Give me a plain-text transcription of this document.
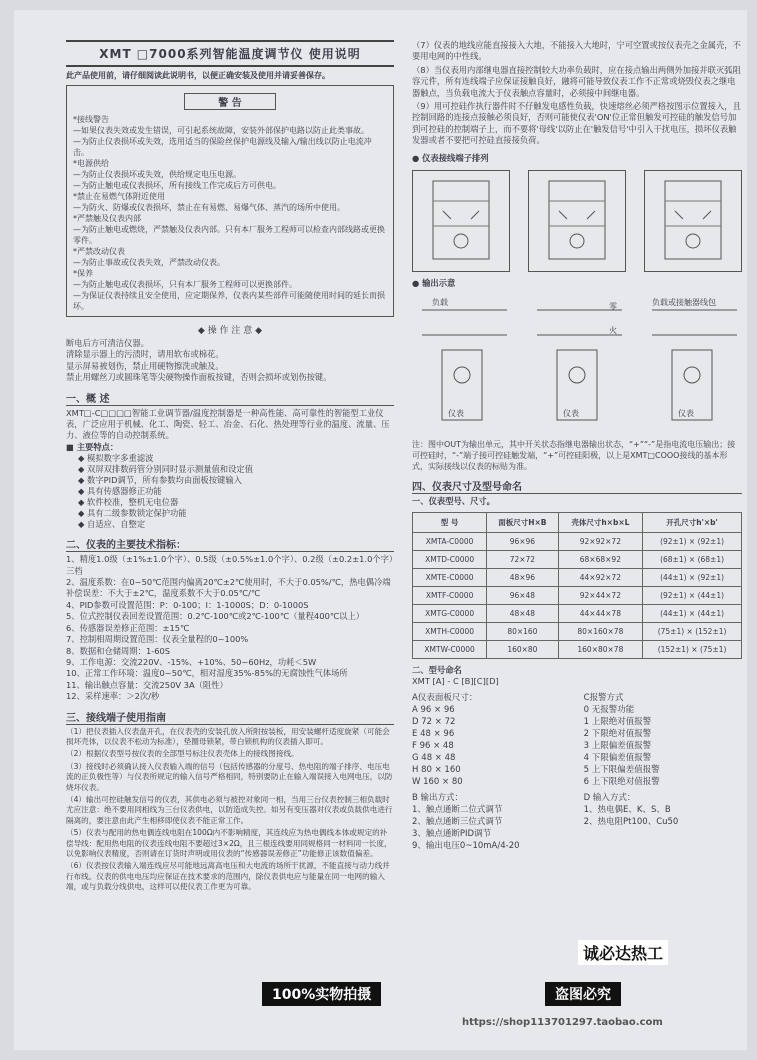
XMT □7000系列智能温度调节仪 使用说明
此产品使用前，请仔细阅读此说明书，以便正确安装及使用并请妥善保存。
警 告
*接线警告
—如果仪表失效或发生错误，可引起系统故障，安装外部保护电路以防止此类事故。
—为防止仪表损坏或失效，选用适当的保险丝保护电源线及输入/输出线以防止电流冲击。
*电源供给
—为防止仪表损坏或失效，供给规定电压电源。
—为防止触电或仪表损坏，所有接线工作完成后方可供电。
*禁止在易燃气体附近使用
—为防火、防爆或仪表损坏，禁止在有易燃、易爆气体、蒸汽的场所中使用。
*严禁触及仪表内部
—为防止触电或燃烧，严禁触及仪表内部。只有本厂服务工程师可以检查内部线路或更换零件。
*严禁改动仪表
—为防止事故或仪表失效，严禁改动仪表。
*保养
—为防止触电或仪表损坏，只有本厂服务工程师可以更换部件。
—为保证仪表持续且安全使用，应定期保养，仪表内某些部件可能随使用时间的延长而损坏。
◆ 操 作 注 意 ◆
断电后方可清洁仪器。
清除显示器上的污渍时，请用软布或棉花。
显示屏易被划伤，禁止用硬物擦洗或触及。
禁止用螺丝刀或圆珠笔等尖硬物操作面板按键，否则会损坏或划伤按键。
一、概 述
XMT□-C□□□□智能工业调节器/温度控制器是一种高性能、高可靠性的智能型工业仪表，广泛应用于机械、化工、陶瓷、轻工、冶金、石化、热处理等行业的温度、流量、压力、液位等的自动控制系统。
■ 主要特点：
◆ 模拟数字多重滤波
◆ 双屏双排数码管分别同时显示测量值和设定值
◆ 数字PID调节，所有参数均由面板按键输入
◆ 具有传感器修正功能
◆ 软件校准，整机无电位器
◆ 具有二级参数锁定保护功能
◆ 自适应、自整定
二、仪表的主要技术指标：
1、精度1.0级（±1%±1.0个字）、0.5级（±0.5%±1.0个字）、0.2级（±0.2±1.0个字）三档
2、温度系数：在0~50℃范围内偏离20℃±2℃使用时，不大于0.05%/℃，热电偶冷端补偿误差：不大于±2℃，温度系数不大于0.05℃/℃
4、PID参数可设置范围：P：0-100；I：1-1000S；D：0-1000S
5、位式控制仪表回差设置范围：0.2℃-100℃或2℃-100℃（量程400℃以上）
6、传感器误差修正范围：±15℃
7、控制相周期设置范围：仪表全量程的0~100%
8、数据和仓储周期：1-60S
9、工作电源：交流220V、-15%、+10%、50~60Hz，功耗＜5W
10、正常工作环境：温度0~50℃，相对湿度35%-85%的无腐蚀性气体场所
11、输出触点容量：交流250V 3A（阻性）
12、采样速率：＞2次/秒
三、接线端子使用指南

（1）把仪表插入仪表盘开孔，在仪表壳的安装孔放入所附按装板，用安装螺杆适度旋紧（可能会损坏壳体，以仪表不松动为标准），垫圈母锁紧，带白锁机构的仪表插入即可。

（2）根据仪表型号按仪表的全部型号标注仪表壳体上的接线图接线。

（3）接线时必须确认接入仪表输入端的信号（包括传感器的分度号、热电阻的端子排序、电压电流的正负极性等）与仪表所规定的输入信号严格相同，特别要防止在输入端误接入电网电压，以防烧坏仪表。

（4）输出可控硅触发信号的仪表，其供电必须与被控对象同一相，当用三台仪表控制三相负载时尤应注意：绝不要用同相线为三台仪表供电，以防造成失控。如另有变压器对仪表或负载供电进行隔离的，要注意由此产生相移即使仪表不能正常工作。

（5）仪表与配用的热电偶连线电阻在100Ω内不影响精度，其连线应为热电偶线本体或规定的补偿导线：配用热电阻的仪表连线电阻不要超过3×2Ω，且三根连线要用同规格同一材料同一长度，以免影响仪表精度，否则请在订货时声明或用仪表的“传感器误差修正”功能修正该数值偏差。

（6）仪表按仪表输入端连线应尽可能地远离高电压和大电流的场所干扰源，不能直接与动力线并行布线。仪表的供电电压均应保证在技术要求的范围内，除仪表供电应与能量在同一电网的输入端，或与负载分线供电，这样可以使仪表工作更为可靠。

（7）仪表的地线应能直接接入大地，不能接入大地时，宁可空置或按仪表壳之金属壳，不要用电网的中性线。

（8）当仪表用内部继电器直接控制较大功率负载时，应在接点输出两侧外加接并联灭弧阻容元件，所有连线端子应保证接触良好，融将可能导致仪表工作不正常或烧毁仪表之继电器触点，当负载电流大于仪表触点容量时，必须接中间继电器。

（9）用可控硅作执行器件时不仔触发电感性负载，快速熔丝必须严格按图示位置接入，且控制回路的连接点接触必须良好，否则可能使仪表'ON'位正常但触发可控硅的触发信号加到可控硅的控制端子上，而不要将'母线'以防止在'触发信号'中引入干扰电压，损坏仪表触发器或者不要把可控硅直接接负荷。

● 仪表接线端子排列
● 输出示意
负载
仪表
零
火
仪表
负载或接触器线包
仪表
注：图中OUT为输出单元，其中开关状态指继电器输出状态，“+”“-”是指电流电压输出；接可控硅时，“-”端子接可控硅触发端，“+”可控硅阳极，以上是XMT□COOO接线的基本形式，实际接线以仪表的标贴为准。
四、仪表尺寸及型号命名
一、仪表型号、尺寸。
型 号	面板尺寸H×B	壳体尺寸h×b×L	开孔尺寸h'×b'
XMTA-C0000	96×96	92×92×72	(92±1) × (92±1)
XMTD-C0000	72×72	68×68×92	(68±1) × (68±1)
XMTE-C0000	48×96	44×92×72	(44±1) × (92±1)
XMTF-C0000	96×48	92×44×72	(92±1) × (44±1)
XMTG-C0000	48×48	44×44×78	(44±1) × (44±1)
XMTH-C0000	80×160	80×160×78	(75±1) × (152±1)
XMTW-C0000	160×80	160×80×78	(152±1) × (75±1)
二、型号命名
XMT [A] - C [B][C][D]
A仪表面板尺寸：
A 96 × 96
D 72 × 72
E 48 × 96
F 96 × 48
G 48 × 48
H 80 × 160
W 160 × 80
C报警方式
0 无报警功能
1 上限绝对值报警
2 下限绝对值报警
3 上限偏差值报警
4 下限偏差值报警
5 上下限偏差值报警
6 上下限绝对值报警
B 输出方式：
1、触点通断二位式调节
2、触点通断三位式调节
3、触点通断PID调节
9、输出电压0~10mA/4-20
D 输入方式：
1、热电偶E、K、S、B
2、热电阻Pt100、Cu50
诚必达热工
100%实物拍摄	盗图必究
https://shop113701297.taobao.com
